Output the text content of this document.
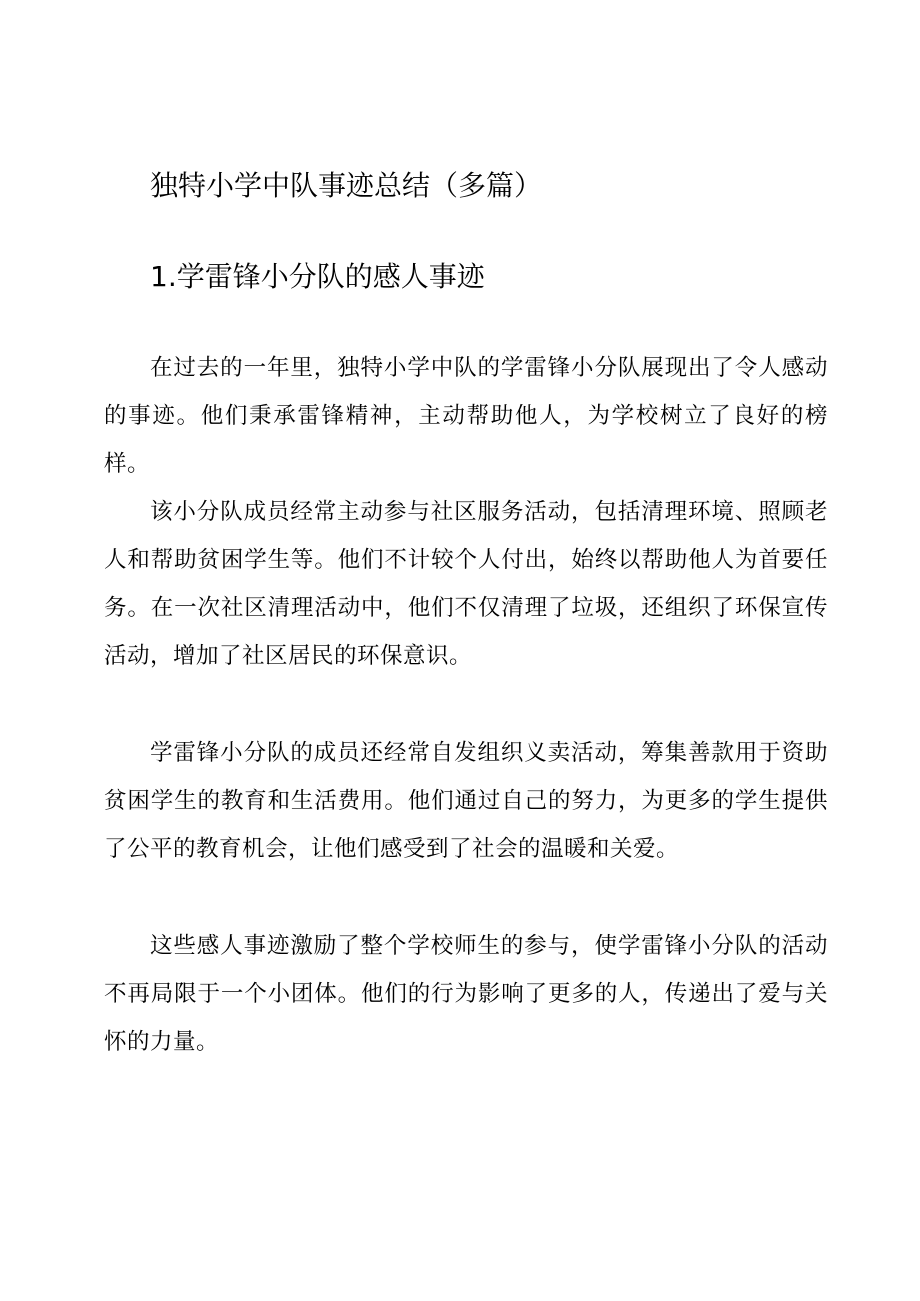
独特小学中队事迹总结（多篇）
1.学雷锋小分队的感人事迹

在过去的一年里，独特小学中队的学雷锋小分队展现出了令人感动的事迹。他们秉承雷锋精神，主动帮助他人，为学校树立了良好的榜样。

该小分队成员经常主动参与社区服务活动，包括清理环境、照顾老人和帮助贫困学生等。他们不计较个人付出，始终以帮助他人为首要任务。在一次社区清理活动中，他们不仅清理了垃圾，还组织了环保宣传活动，增加了社区居民的环保意识。

学雷锋小分队的成员还经常自发组织义卖活动，筹集善款用于资助贫困学生的教育和生活费用。他们通过自己的努力，为更多的学生提供了公平的教育机会，让他们感受到了社会的温暖和关爱。

这些感人事迹激励了整个学校师生的参与，使学雷锋小分队的活动不再局限于一个小团体。他们的行为影响了更多的人，传递出了爱与关怀的力量。
